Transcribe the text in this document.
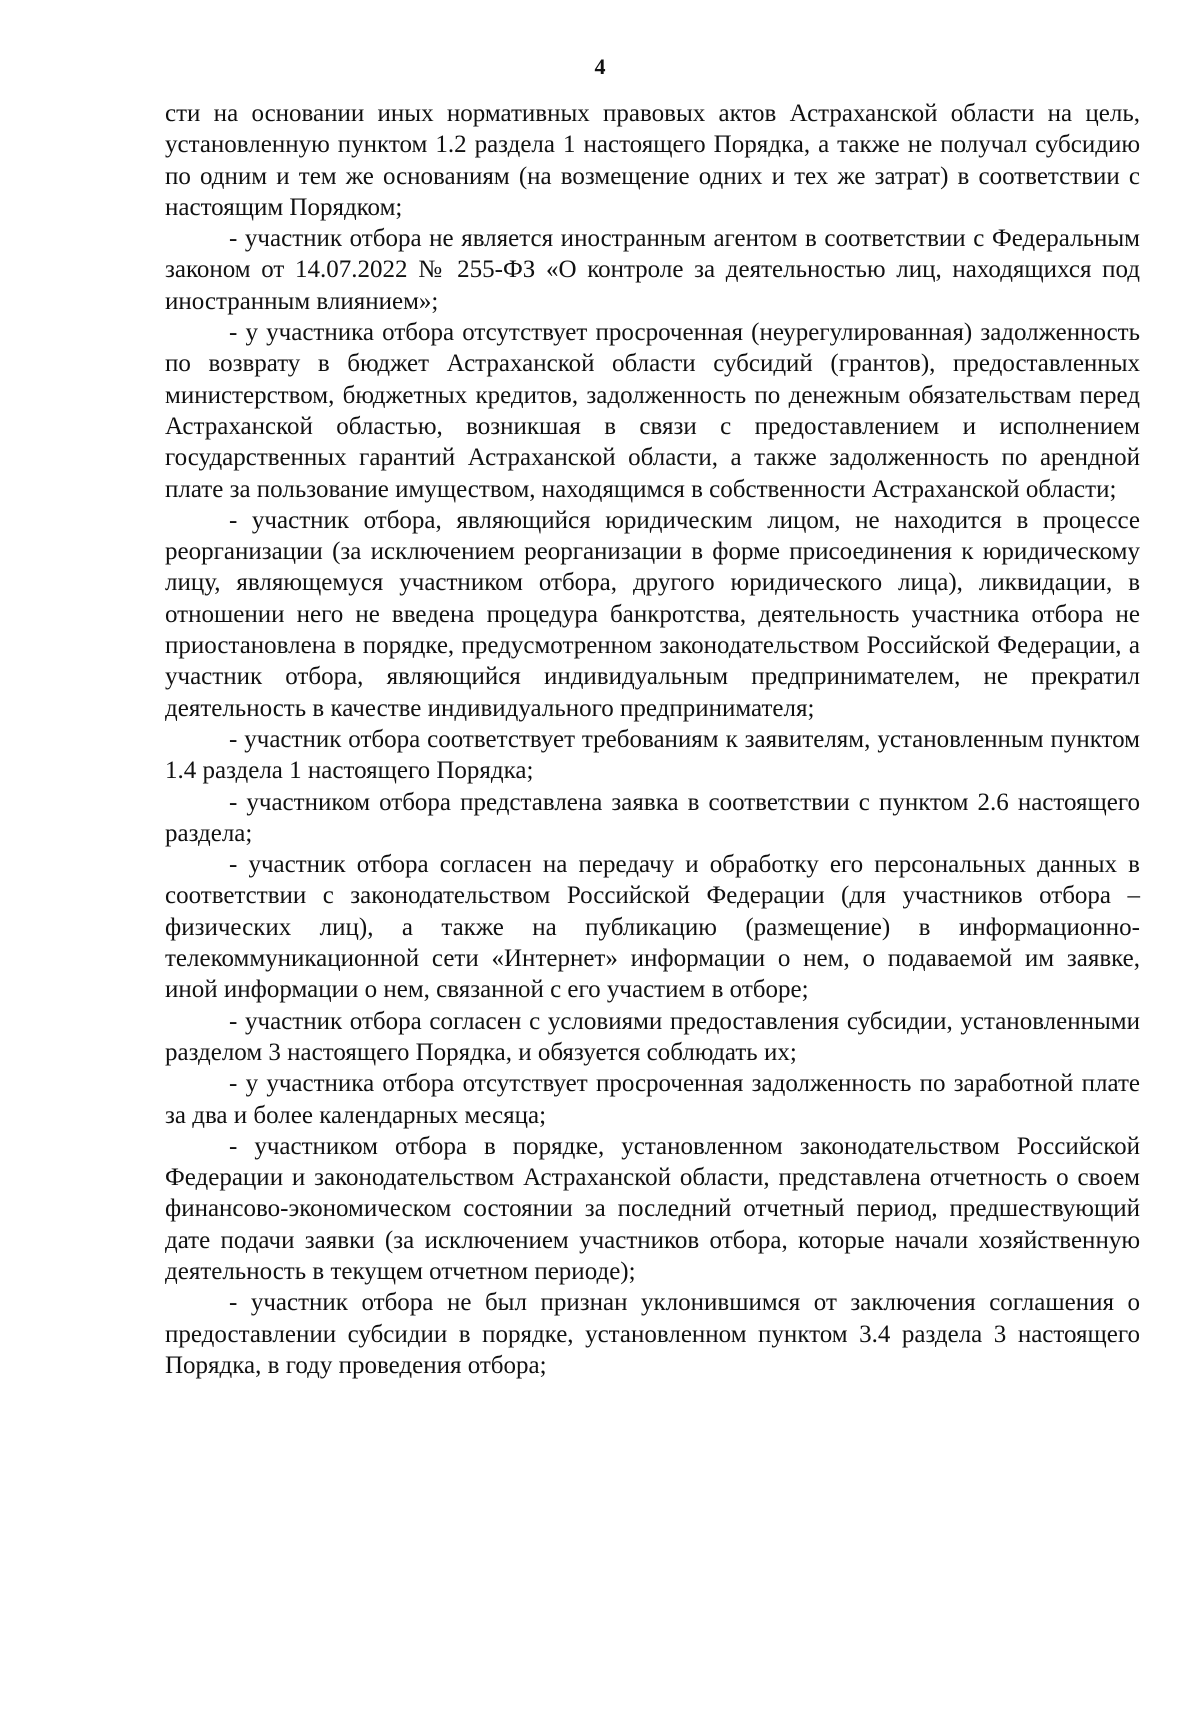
4

сти на основании иных нормативных правовых актов Астраханской области на цель, установленную пунктом 1.2 раздела 1 настоящего Порядка, а также не получал субсидию по одним и тем же основаниям (на возмещение одних и тех же затрат) в соответствии с настоящим Порядком;

- участник отбора не является иностранным агентом в соответствии с Федеральным законом от 14.07.2022 № 255-ФЗ «О контроле за деятельностью лиц, находящихся под иностранным влиянием»;

- у участника отбора отсутствует просроченная (неурегулированная) задолженность по возврату в бюджет Астраханской области субсидий (грантов), предоставленных министерством, бюджетных кредитов, задолженность по денежным обязательствам перед Астраханской областью, возникшая в связи с предоставлением и исполнением государственных гарантий Астраханской области, а также задолженность по арендной плате за пользование имуществом, находящимся в собственности Астраханской области;

- участник отбора, являющийся юридическим лицом, не находится в процессе реорганизации (за исключением реорганизации в форме присоединения к юридическому лицу, являющемуся участником отбора, другого юридического лица), ликвидации, в отношении него не введена процедура банкротства, деятельность участника отбора не приостановлена в порядке, предусмотренном законодательством Российской Федерации, а участник отбора, являющийся индивидуальным предпринимателем, не прекратил деятельность в качестве индивидуального предпринимателя;

- участник отбора соответствует требованиям к заявителям, установленным пунктом 1.4 раздела 1 настоящего Порядка;

- участником отбора представлена заявка в соответствии с пунктом 2.6 настоящего раздела;

- участник отбора согласен на передачу и обработку его персональных данных в соответствии с законодательством Российской Федерации (для участников отбора – физических лиц), а также на публикацию (размещение) в информационно-телекоммуникационной сети «Интернет» информации о нем, о подаваемой им заявке, иной информации о нем, связанной с его участием в отборе;

- участник отбора согласен с условиями предоставления субсидии, установленными разделом 3 настоящего Порядка, и обязуется соблюдать их;

- у участника отбора отсутствует просроченная задолженность по заработной плате за два и более календарных месяца;

- участником отбора в порядке, установленном законодательством Российской Федерации и законодательством Астраханской области, представлена отчетность о своем финансово-экономическом состоянии за последний отчетный период, предшествующий дате подачи заявки (за исключением участников отбора, которые начали хозяйственную деятельность в текущем отчетном периоде);

- участник отбора не был признан уклонившимся от заключения соглашения о предоставлении субсидии в порядке, установленном пунктом 3.4 раздела 3 настоящего Порядка, в году проведения отбора;
